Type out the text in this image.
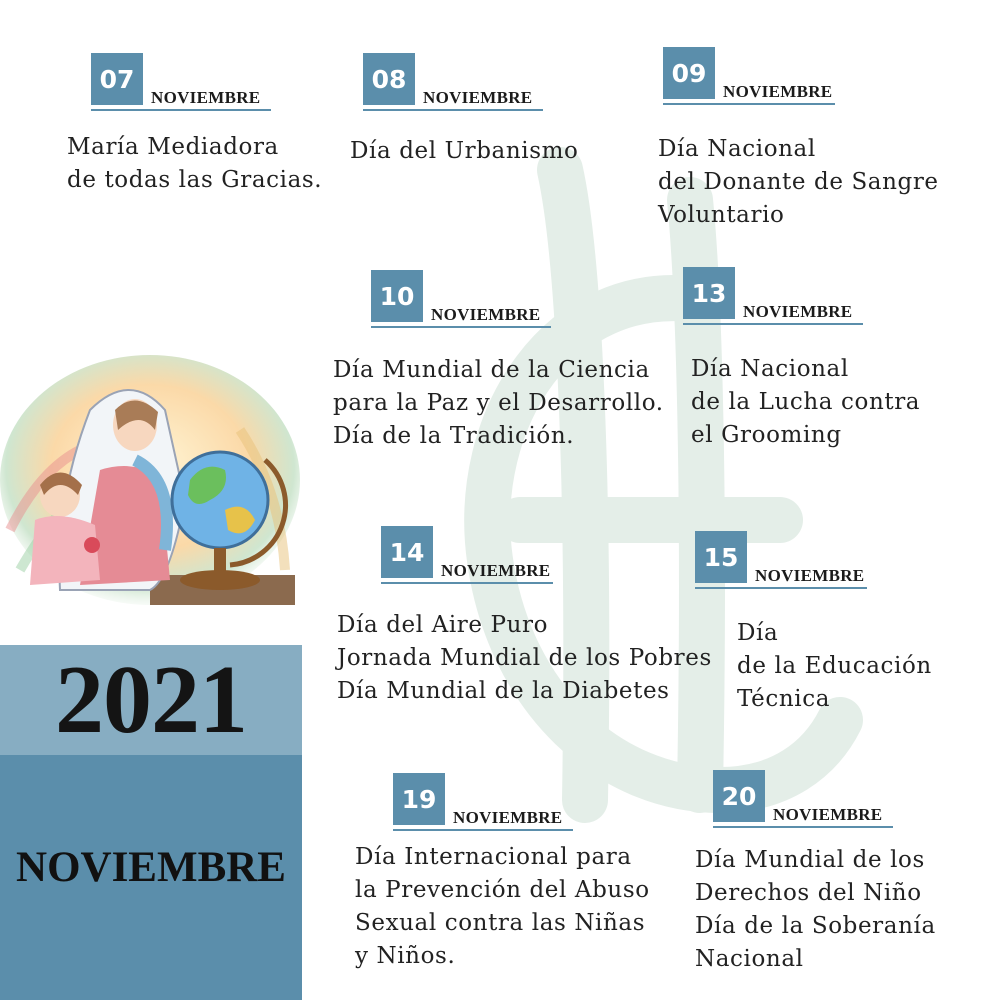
07
NOVIEMBRE
María Mediadora
de todas las Gracias.
08
NOVIEMBRE
Día del Urbanismo
09
NOVIEMBRE
Día Nacional
del Donante de Sangre
Voluntario
10
NOVIEMBRE
Día Mundial de la Ciencia
para la Paz y el Desarrollo.
Día de la Tradición.
13
NOVIEMBRE
Día Nacional
de la Lucha contra
el Grooming
14
NOVIEMBRE
Día del Aire Puro
Jornada Mundial de los Pobres
Día Mundial de la Diabetes
15
NOVIEMBRE
Día
de la Educación
Técnica
19
NOVIEMBRE
Día Internacional para
la Prevención del Abuso
Sexual contra las Niñas
y Niños.
20
NOVIEMBRE
Día Mundial de los
Derechos del Niño
Día de la Soberanía
Nacional
2021
NOVIEMBRE
